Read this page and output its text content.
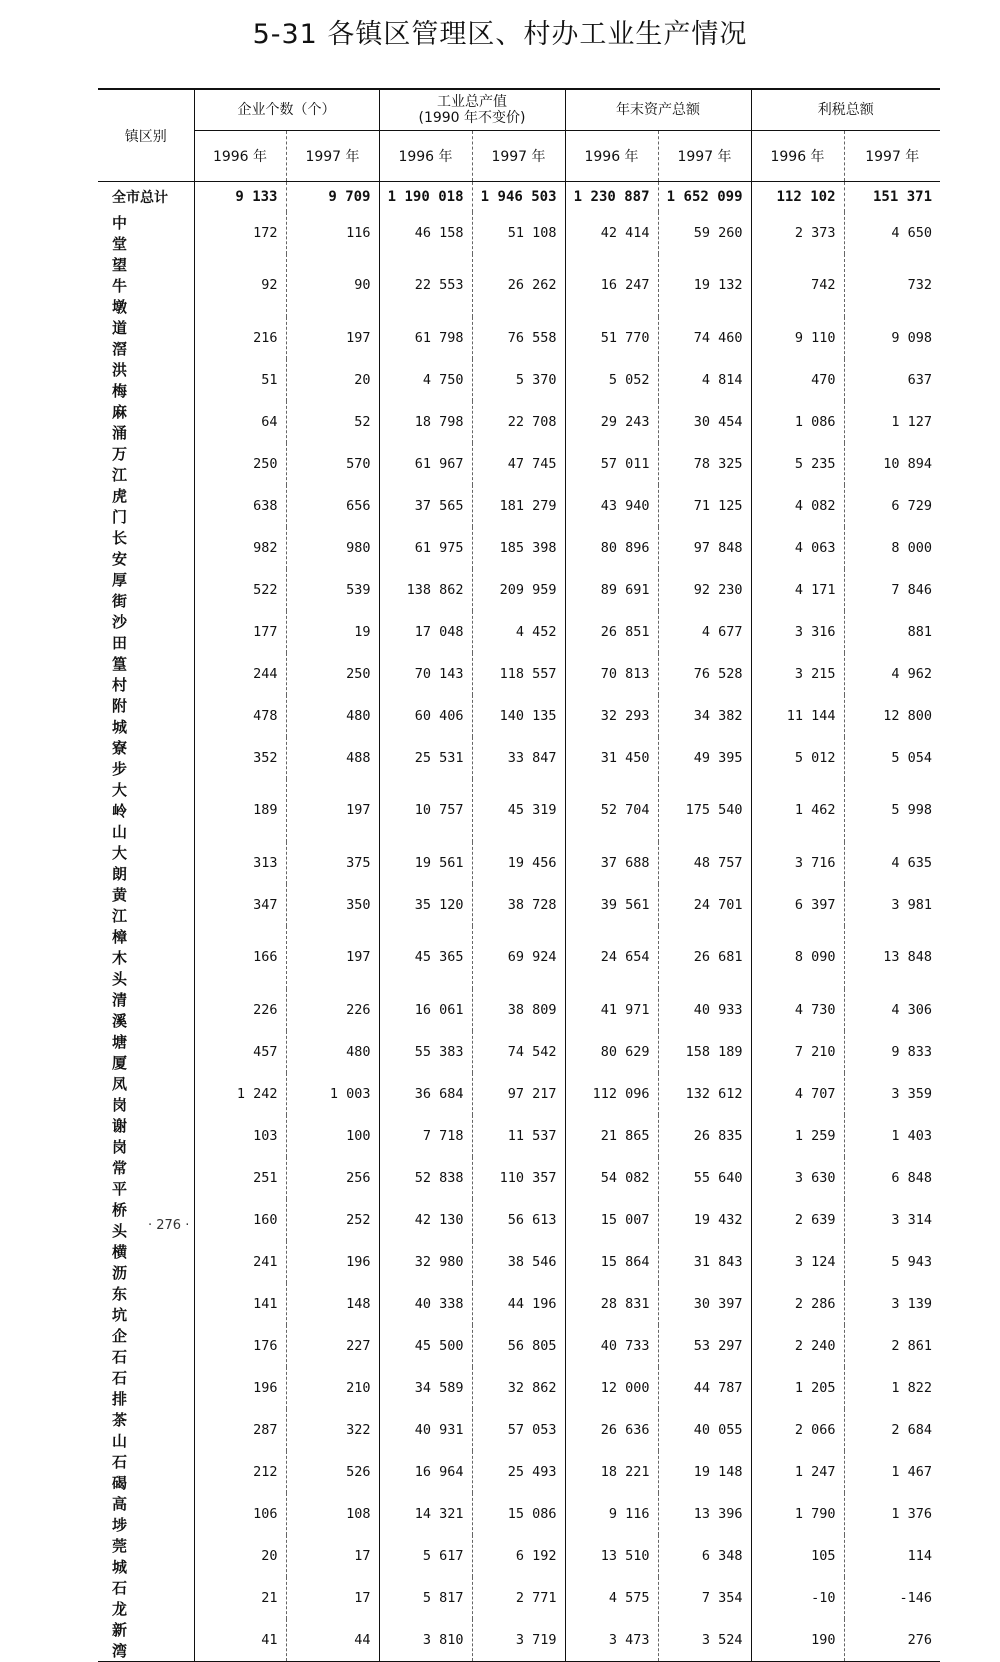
5-31 各镇区管理区、村办工业生产情况
镇区别	企业个数（个）		工业总产值
(1990 年不变价)		年末资产总额		利税总额	
	1996 年	1997 年	1996 年	1997 年	1996 年	1997 年	1996 年	1997 年
全市总计	9 133	9 709	1 190 018	1 946 503	1 230 887	1 652 099	112 102	151 371
中堂	172	116	46 158	51 108	42 414	59 260	2 373	4 650
望牛墩	92	90	22 553	26 262	16 247	19 132	742	732
道滘	216	197	61 798	76 558	51 770	74 460	9 110	9 098
洪梅	51	20	4 750	5 370	5 052	4 814	470	637
麻涌	64	52	18 798	22 708	29 243	30 454	1 086	1 127
万江	250	570	61 967	47 745	57 011	78 325	5 235	10 894
虎门	638	656	37 565	181 279	43 940	71 125	4 082	6 729
长安	982	980	61 975	185 398	80 896	97 848	4 063	8 000
厚街	522	539	138 862	209 959	89 691	92 230	4 171	7 846
沙田	177	19	17 048	4 452	26 851	4 677	3 316	881
篁村	244	250	70 143	118 557	70 813	76 528	3 215	4 962
附城	478	480	60 406	140 135	32 293	34 382	11 144	12 800
寮步	352	488	25 531	33 847	31 450	49 395	5 012	5 054
大岭山	189	197	10 757	45 319	52 704	175 540	1 462	5 998
大朗	313	375	19 561	19 456	37 688	48 757	3 716	4 635
黄江	347	350	35 120	38 728	39 561	24 701	6 397	3 981
樟木头	166	197	45 365	69 924	24 654	26 681	8 090	13 848
清溪	226	226	16 061	38 809	41 971	40 933	4 730	4 306
塘厦	457	480	55 383	74 542	80 629	158 189	7 210	9 833
凤岗	1 242	1 003	36 684	97 217	112 096	132 612	4 707	3 359
谢岗	103	100	7 718	11 537	21 865	26 835	1 259	1 403
常平	251	256	52 838	110 357	54 082	55 640	3 630	6 848
桥头	160	252	42 130	56 613	15 007	19 432	2 639	3 314
横沥	241	196	32 980	38 546	15 864	31 843	3 124	5 943
东坑	141	148	40 338	44 196	28 831	30 397	2 286	3 139
企石	176	227	45 500	56 805	40 733	53 297	2 240	2 861
石排	196	210	34 589	32 862	12 000	44 787	1 205	1 822
茶山	287	322	40 931	57 053	26 636	40 055	2 066	2 684
石碣	212	526	16 964	25 493	18 221	19 148	1 247	1 467
高埗	106	108	14 321	15 086	9 116	13 396	1 790	1 376
莞城	20	17	5 617	6 192	13 510	6 348	105	114
石龙	21	17	5 817	2 771	4 575	7 354	-10	-146
新湾	41	44	3 810	3 719	3 473	3 524	190	276
· 276 ·
